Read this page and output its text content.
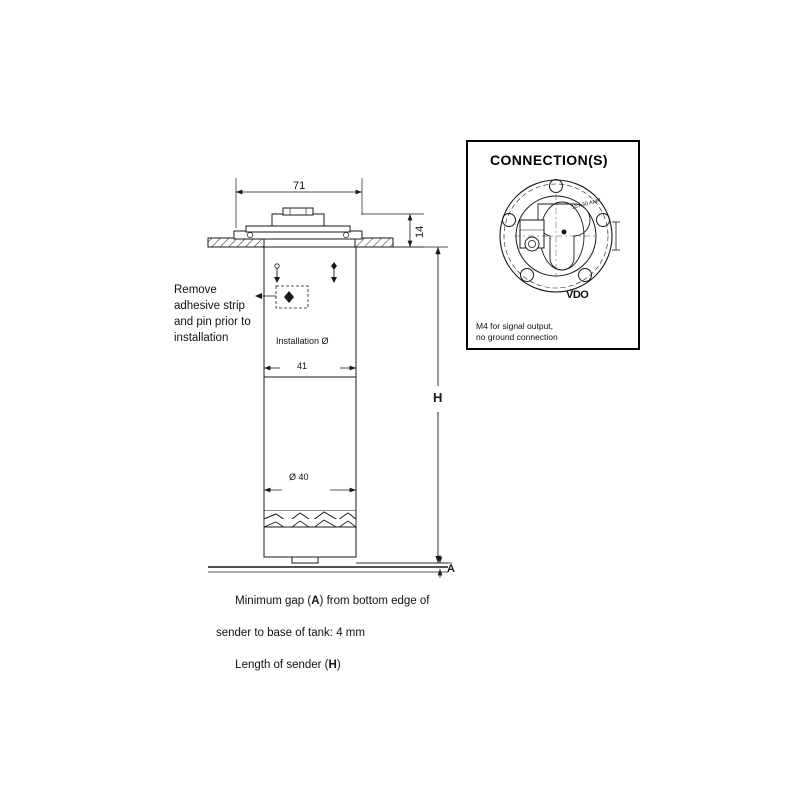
71
14
Remove
adhesive strip
and pin prior to
installation	Installation Ø
41
Ø 40
H
A

Minimum gap (A) from bottom edge of

sender to base of tank: 4 mm

Length of sender (H)

CONNECTION(S)
15 / 30 AMP
VDO
M4 for signal output,
no ground connection
